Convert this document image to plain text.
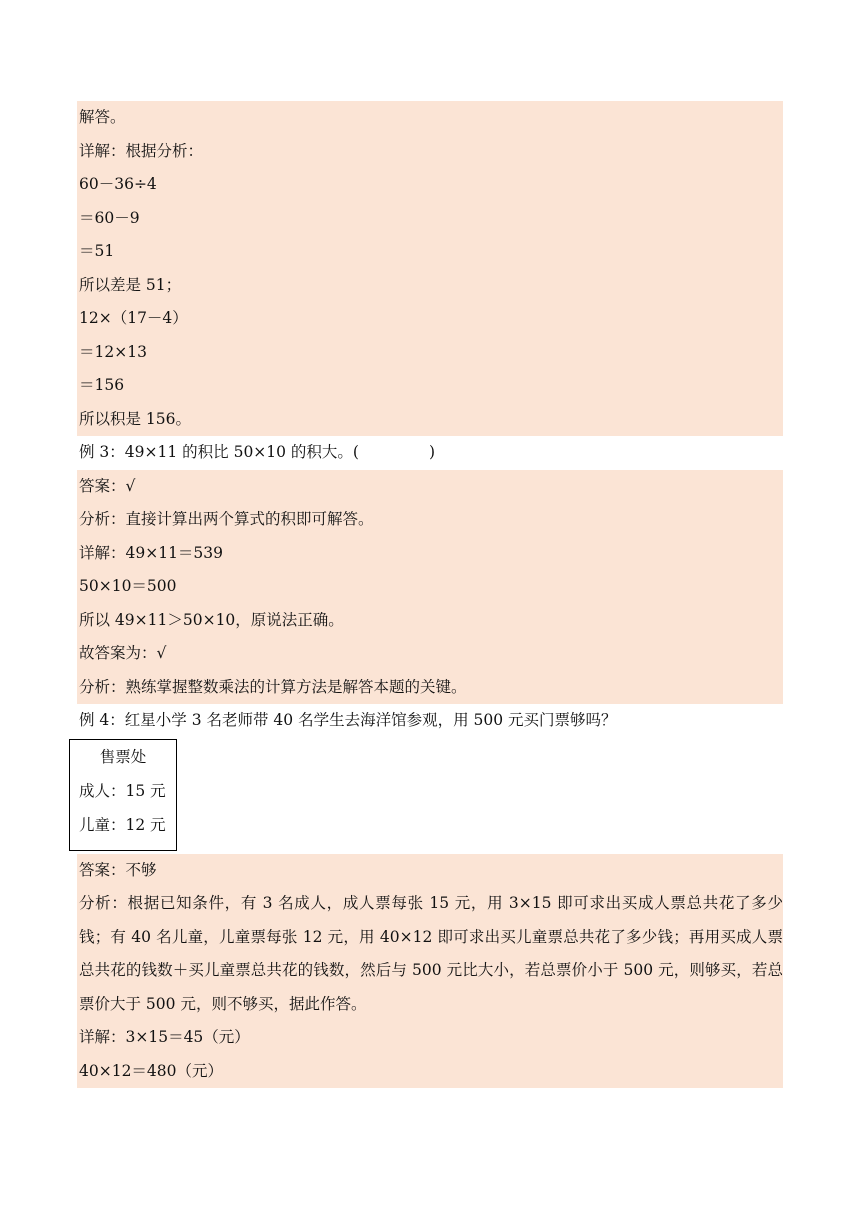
解答。
详解：根据分析：
60－36÷4
＝60－9
＝51
所以差是 51；
12×（17－4）
＝12×13
＝156
所以积是 156。
例 3：49×11 的积比 50×10 的积大。(	)
答案：√
分析：直接计算出两个算式的积即可解答。
详解：49×11＝539
50×10＝500
所以 49×11＞50×10，原说法正确。
故答案为：√
分析：熟练掌握整数乘法的计算方法是解答本题的关键。
例 4：红星小学 3 名老师带 40 名学生去海洋馆参观，用 500 元买门票够吗？
售票处
成人：15 元
儿童：12 元
答案：不够
分析：根据已知条件，有 3 名成人，成人票每张 15 元，用 3×15 即可求出买成人票总共花了多少钱；有 40 名儿童，儿童票每张 12 元，用 40×12 即可求出买儿童票总共花了多少钱；再用买成人票总共花的钱数＋买儿童票总共花的钱数，然后与 500 元比大小，若总票价小于 500 元，则够买，若总票价大于 500 元，则不够买，据此作答。
详解：3×15＝45（元）
40×12＝480（元）
